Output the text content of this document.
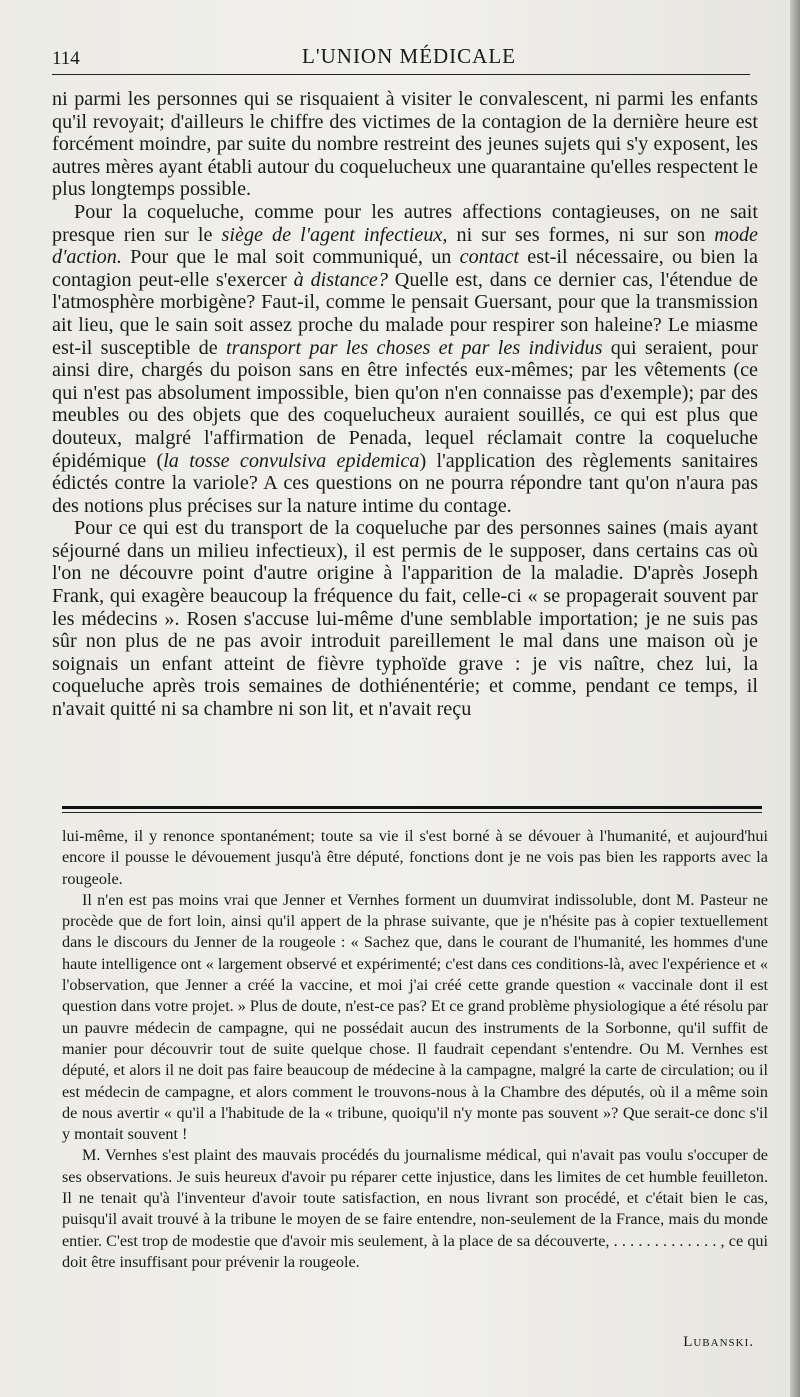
114	L'UNION MÉDICALE

ni parmi les personnes qui se risquaient à visiter le convalescent, ni parmi les enfants qu'il revoyait; d'ailleurs le chiffre des victimes de la contagion de la dernière heure est forcément moindre, par suite du nombre restreint des jeunes sujets qui s'y exposent, les autres mères ayant établi autour du coquelucheux une quarantaine qu'elles respectent le plus longtemps possible.

Pour la coqueluche, comme pour les autres affections contagieuses, on ne sait presque rien sur le siège de l'agent infectieux, ni sur ses formes, ni sur son mode d'action. Pour que le mal soit communiqué, un contact est-il nécessaire, ou bien la contagion peut-elle s'exercer à distance? Quelle est, dans ce dernier cas, l'étendue de l'atmosphère morbigène? Faut-il, comme le pensait Guersant, pour que la transmission ait lieu, que le sain soit assez proche du malade pour respirer son haleine? Le miasme est-il susceptible de transport par les choses et par les individus qui seraient, pour ainsi dire, chargés du poison sans en être infectés eux-mêmes; par les vêtements (ce qui n'est pas absolument impossible, bien qu'on n'en connaisse pas d'exemple); par des meubles ou des objets que des coquelucheux auraient souillés, ce qui est plus que douteux, malgré l'affirmation de Penada, lequel réclamait contre la coqueluche épidémique (la tosse convulsiva epidemica) l'application des règlements sanitaires édictés contre la variole? A ces questions on ne pourra répondre tant qu'on n'aura pas des notions plus précises sur la nature intime du contage.

Pour ce qui est du transport de la coqueluche par des personnes saines (mais ayant séjourné dans un milieu infectieux), il est permis de le supposer, dans certains cas où l'on ne découvre point d'autre origine à l'apparition de la maladie. D'après Joseph Frank, qui exagère beaucoup la fréquence du fait, celle-ci « se propagerait souvent par les médecins ». Rosen s'accuse lui-même d'une semblable importation; je ne suis pas sûr non plus de ne pas avoir introduit pareillement le mal dans une maison où je soignais un enfant atteint de fièvre typhoïde grave : je vis naître, chez lui, la coqueluche après trois semaines de dothiénentérie; et comme, pendant ce temps, il n'avait quitté ni sa chambre ni son lit, et n'avait reçu

lui-même, il y renonce spontanément; toute sa vie il s'est borné à se dévouer à l'humanité, et aujourd'hui encore il pousse le dévouement jusqu'à être député, fonctions dont je ne vois pas bien les rapports avec la rougeole.

Il n'en est pas moins vrai que Jenner et Vernhes forment un duumvirat indissoluble, dont M. Pasteur ne procède que de fort loin, ainsi qu'il appert de la phrase suivante, que je n'hésite pas à copier textuellement dans le discours du Jenner de la rougeole : « Sachez que, dans le courant de l'humanité, les hommes d'une haute intelligence ont « largement observé et expérimenté; c'est dans ces conditions-là, avec l'expérience et « l'observation, que Jenner a créé la vaccine, et moi j'ai créé cette grande question « vaccinale dont il est question dans votre projet. » Plus de doute, n'est-ce pas? Et ce grand problème physiologique a été résolu par un pauvre médecin de campagne, qui ne possédait aucun des instruments de la Sorbonne, qu'il suffit de manier pour découvrir tout de suite quelque chose. Il faudrait cependant s'entendre. Ou M. Vernhes est député, et alors il ne doit pas faire beaucoup de médecine à la campagne, malgré la carte de circulation; ou il est médecin de campagne, et alors comment le trouvons-nous à la Chambre des députés, où il a même soin de nous avertir « qu'il a l'habitude de la « tribune, quoiqu'il n'y monte pas souvent »? Que serait-ce donc s'il y montait souvent !

M. Vernhes s'est plaint des mauvais procédés du journalisme médical, qui n'avait pas voulu s'occuper de ses observations. Je suis heureux d'avoir pu réparer cette injustice, dans les limites de cet humble feuilleton. Il ne tenait qu'à l'inventeur d'avoir toute satisfaction, en nous livrant son procédé, et c'était bien le cas, puisqu'il avait trouvé à la tribune le moyen de se faire entendre, non-seulement de la France, mais du monde entier. C'est trop de modestie que d'avoir mis seulement, à la place de sa découverte, . . . . . . . . . . . . . , ce qui doit être insuffisant pour prévenir la rougeole.

Lubanski.
